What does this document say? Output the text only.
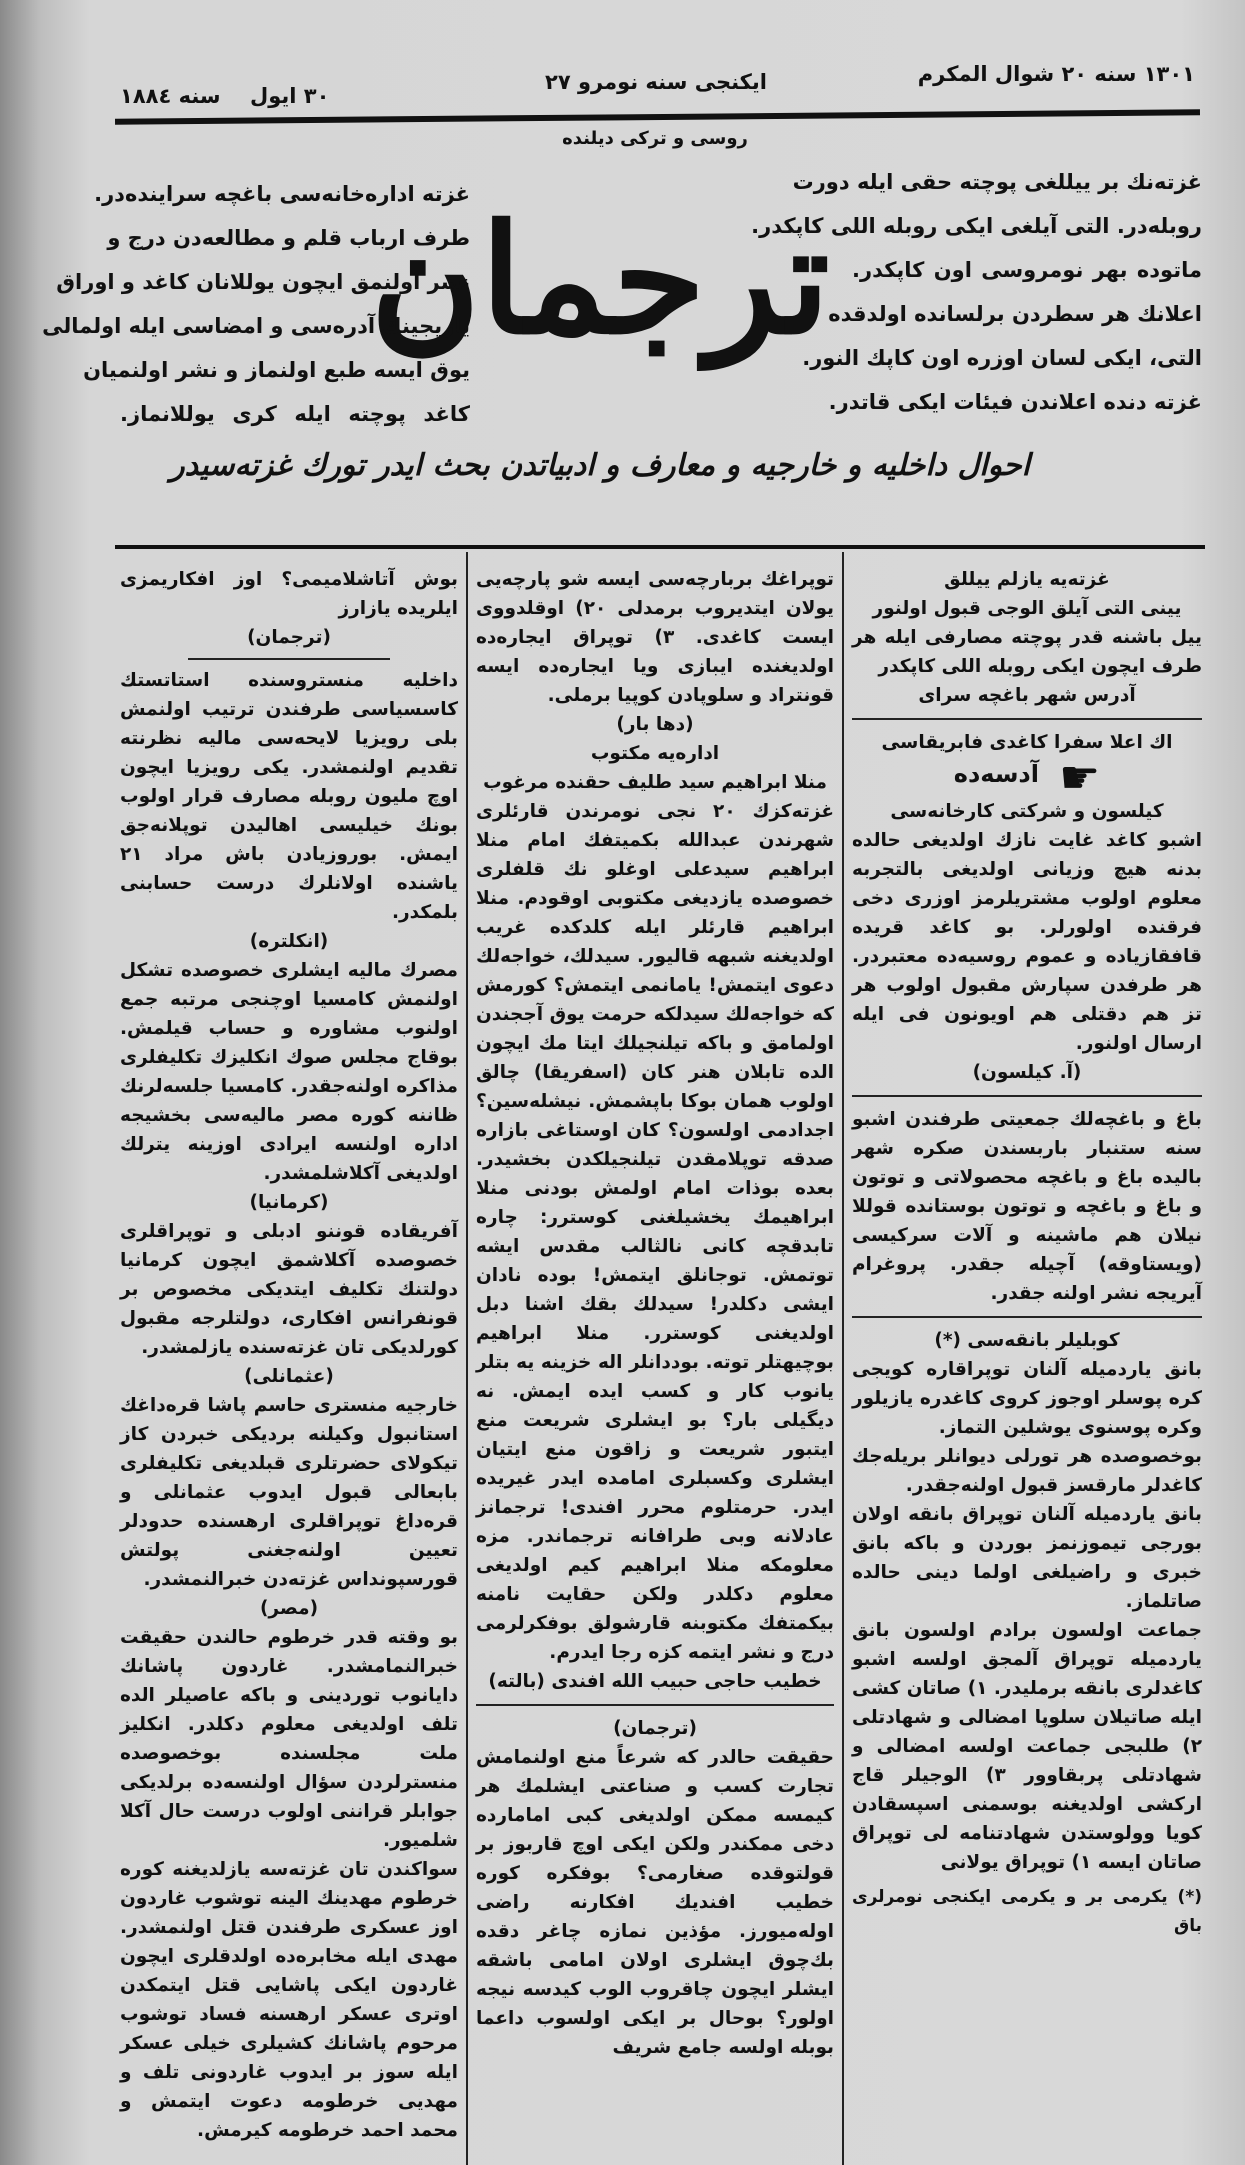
١٣٠١ سنه ٢٠ شوال المكرم
ايكنجى سنه نومرو ٢٧
٣٠ ايول
سنه ١٨٨٤
روسى و تركى ديلنده
ترجمان
غزته‌نك بر ييللغى پوچته حقى ايله دورت
روبله‌در. التى آيلغى ايكى روبله اللى كاپكدر.
ماتوده بهر نومروسى اون كاپكدر.
اعلانك هر سطردن برلسانده اولدقده
التى، ايكى لسان اوزره اون كاپك النور.
غزته دنده اعلاندن فيئات ايكى قاتدر.
غزته اداره‌خانه‌سى باغچه سراينده‌در.
طرف ارباب قلم و مطالعه‌دن درج و
نشر اولنمق ايچون يوللانان كاغد و اوراق
يازيجينك آدره‌سى و امضاسى ايله اولمالى
يوق ايسه طبع اولنماز و نشر اولنميان
كاغد پوچته ايله كرى يوللانماز.
احوال داخليه و خارجيه و معارف و ادبياتدن بحث ايدر تورك غزته‌سيدر

غزته‌يه يازلم ييللق

يينى التى آيلق الوجى قبول اولنور

ييل باشنه قدر پوچته مصارفى ايله هر طرف ايچون ايكى روبله اللى كاپكدر

آدرس شهر باغچه سراى

اك اعلا سفرا كاغدى فابريقاسى

☛آدسه‌ده

كيلسون و شركتى كارخانه‌سى

اشبو كاغد غايت نازك اولديغى حالده بدنه هيچ وزيانى اولديغى بالتجربه معلوم اولوب مشتريلرمز اوزرى دخى فرقنده اولورلر. بو كاغد قريده قافقازياده و عموم روسيه‌ده معتبردر. هر طرفدن سپارش مقبول اولوب هر تز هم دقتلى هم اويونون فى ايله ارسال اولنور.

(آ. كيلسون)

باغ و باغچه‌لك جمعيتى طرفندن اشبو سنه ستنبار باربسندن صكره شهر باليده باغ و باغچه محصولاتى و توتون و باغ و باغچه و توتون بوستانده قوللا نيلان هم ماشينه و آلات سركيسى (ويستاوقه) آچيله جقدر. پروغرام آيريجه نشر اولنه جقدر.

كوبليلر بانقه‌سى (*)

بانق ياردميله آلنان توپراقاره كويجى كره پوسلر اوجوز كروى كاغدره يازيلور وكره پوسنوى يوشلين التماز.

بوخصوصده هر تورلى ديوانلر بريله‌جك كاغدلر مارقسز قبول اولنه‌جقدر.

بانق ياردميله آلنان توپراق بانقه اولان بورجى تيموزنمز بوردن و باكه بانق خبرى و راضيلغى اولما دينى حالده صاتلماز.

جماعت اولسون برادم اولسون بانق ياردميله توپراق آلمجق اولسه اشبو كاغدلرى بانقه برمليدر. ١) صاتان كشى ايله صاتيلان سلوپا امضالى و شهادتلى ٢) طلبجى جماعت اولسه امضالى و شهادتلى پربقاوور ٣) الوجيلر قاج اركشى اولديغنه بوسمنى اسپسقادن كويا وولوستدن شهادتنامه لى توپراق صاتان ايسه ١) توپراق يولانى

(*) يكرمى بر و يكرمى ايكنجى نومرلرى باق

توپراغك بربارچه‌سى ايسه شو پارچه‌يى يولان ايتديروب برمدلى ٢٠) اوقلدووى ايست كاغدى. ٣) توپراق ايجاره‌ده اولديغنده ايبازى ويا ايجاره‌ده ايسه قونتراد و سلوپادن كوپيا برملى.

(دها بار)

اداره‌يه مكتوب

منلا ابراهيم سيد طليف حقنده مرغوب

غزته‌كزك ٢٠ نجى نومرندن قارئلرى شهرندن عبدالله بكميتفك امام منلا ابراهيم سيدعلى اوغلو نك قلفلرى خصوصده يازديغى مكتوبى اوقودم. منلا ابراهيم قارئلر ايله كلدكده غريب اولديغنه شبهه قاليور. سيدلك، خواجه‌لك دعوى ايتمش! يامانمى ايتمش؟ كورمش كه خواجه‌لك سيدلكه حرمت يوق آججندن اولمامق و باكه تيلنجيلك ايتا مك ايچون الده تابلان هنر كان (اسفريقا) چالق اولوب همان بوكا باپشمش. نيشله‌سين؟ اجدادمى اولسون؟ كان اوستاغى بازاره صدقه توپلامقدن تيلنجيلكدن بخشيدر. بعده بوذات امام اولمش بودنى منلا ابراهيمك يخشيلغنى كوسترر: چاره تابدقچه كانى نالثالب مقدس ايشه توتمش. توجانلق ايتمش! بوده نادان ايشى دكلدر! سيدلك بقك اشنا دبل اولديغنى كوسترر. منلا ابراهيم بوچيهتلر توته. بوددانلر اله خزينه يه بتلر يانوب كار و كسب ايده ايمش. نه ديگيلى بار؟ بو ايشلرى شريعت منع ايتبور شريعت و زاقون منع ايتيان ايشلرى وكسبلرى امامده ايدر غيريده ايدر. حرمتلوم محرر افندى! ترجمانز عادلانه وبى طرافانه ترجماندر. مزه معلومكه منلا ابراهيم كيم اولديغى معلوم دكلدر ولكن حقايت نامنه بيكمتفك مكتوبنه قارشولق بوفكرلرمى درج و نشر ايتمه كزه رجا ايدرم.

خطيب حاجى حبيب الله افندى (بالته)

(ترجمان)

حقيقت حالدر كه شرعاً منع اولنمامش تجارت كسب و صناعتى ايشلمك هر كيمسه ممكن اولديغى كبى امامارده دخى ممكندر ولكن ايكى اوچ قاربوز بر قولتوقده صغارمى؟ بوفكره كوره خطيب افنديك افكارنه راضى اوله‌ميورز. مؤذين نمازه چاغر دقده بك‌چوق ايشلرى اولان امامى باشقه ايشلر ايچون چاقروب الوب كيدسه نيجه اولور؟ بوحال بر ايكى اولسوب داعما بوبله اولسه جامع شريف

بوش آتاشلاميمى؟ اوز افكاريمزى ايلريده يازارز

(ترجمان)

داخليه منستروسنده استاتستك كاسسياسى طرفندن ترتيب اولنمش بلى رويزيا لايحه‌سى ماليه نظرنته تقديم اولنمشدر. يكى رويزيا ايچون اوچ مليون روبله مصارف قرار اولوب بونك خيليسى اهاليدن توپلانه‌جق ايمش. بوروزيادن باش مراد ٢١ ياشنده اولانلرك درست حسابنى بلمكدر.

(انكلتره)

مصرك ماليه ايشلرى خصوصده تشكل اولنمش كامسيا اوچنجى مرتبه جمع اولنوب مشاوره و حساب قيلمش. بوقاج مجلس صوك انكليزك تكليفلرى مذاكره اولنه‌جقدر. كامسيا جلسه‌لرنك ظاننه كوره مصر ماليه‌سى بخشيجه اداره اولنسه ايرادى اوزينه يتر‌لك اولديغى آكلاشلمشدر.

(كرمانيا)

آفريقاده قوننو ادبلى و توپراقلرى خصوصده آكلاشمق ايچون كرمانيا دولتنك تكليف ايتديكى مخصوص بر قونفرانس افكارى، دولتلرجه مقبول كورلديكى تان غزته‌سنده ياز‌لمشدر.

(عثمانلى)

خارجيه منسترى حاسم پاشا قره‌داغك استانبول وكيلنه برديكى خبردن كاز تيكولاى حضرتلرى قبلديغى تكليفلرى بابعالى قبول ايدوب عثمانلى و قره‌داغ توپراقلرى ارهسنده حدودلر تعيين اولنه‌جغنى پولتش قورسپونداس غزته‌دن خبرالنمشدر.

(مصر)

بو وقته قدر خرطوم حالندن حقيقت خبرالنمامشدر. غاردون پاشانك دايانوب توردينى و باكه عاصيلر الده تلف اولديغى معلوم دكلدر. انكليز ملت مجلسنده بوخصوصده منسترلردن سؤال اولنسه‌ده برلديكى جوابلر قراننى اولوب درست حال آكلا شلميور.

سواكندن تان غزته‌سه يازلديغنه كوره خرطوم مهدينك الينه توشوب غاردون اوز عسكرى طرفندن قتل اولنمشدر. مهدى ايله مخابره‌ده اولدقلرى ايچون غاردون ايكى پاشايى قتل ايتمكدن اوترى عسكر ارهسنه فساد توشوب مرحوم پاشانك كشيلرى خيلى عسكر ايله سوز بر ايدوب غاردونى تلف و مهديى خرطومه دعوت ايتمش و محمد احمد خرطومه كيرمش.
